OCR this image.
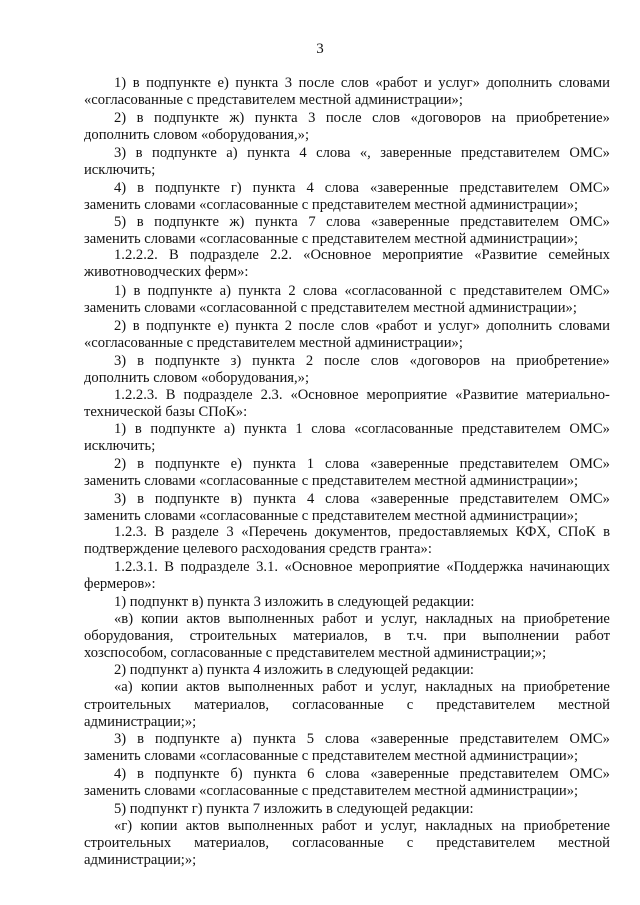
3
1) в подпункте е) пункта 3 после слов «работ и услуг» дополнить словами
«согласованные с представителем местной администрации»;
2) в подпункте ж) пункта 3 после слов «договоров на приобретение»
дополнить словом «оборудования,»;
3) в подпункте а) пункта 4 слова «, заверенные представителем ОМС»
исключить;
4) в подпункте г) пункта 4 слова «заверенные представителем ОМС»
заменить словами «согласованные с представителем местной администрации»;
5) в подпункте ж) пункта 7 слова «заверенные представителем ОМС»
заменить словами «согласованные с представителем местной администрации»;
1.2.2.2. В подразделе 2.2. «Основное мероприятие «Развитие семейных
животноводческих ферм»:
1) в подпункте а) пункта 2 слова «согласованной с представителем ОМС»
заменить словами «согласованной с представителем местной администрации»;
2) в подпункте е) пункта 2 после слов «работ и услуг» дополнить словами
«согласованные с представителем местной администрации»;
3) в подпункте з) пункта 2 после слов «договоров на приобретение»
дополнить словом «оборудования,»;
1.2.2.3. В подразделе 2.3. «Основное мероприятие «Развитие материально-
технической базы СПоК»:
1) в подпункте а) пункта 1 слова «согласованные представителем ОМС»
исключить;
2) в подпункте е) пункта 1 слова «заверенные представителем ОМС»
заменить словами «согласованные с представителем местной администрации»;
3) в подпункте в) пункта 4 слова «заверенные представителем ОМС»
заменить словами «согласованные с представителем местной администрации»;
1.2.3. В разделе 3 «Перечень документов, предоставляемых КФХ, СПоК в
подтверждение целевого расходования средств гранта»:
1.2.3.1. В подразделе 3.1. «Основное мероприятие «Поддержка начинающих
фермеров»:
1) подпункт в) пункта 3 изложить в следующей редакции:
«в) копии актов выполненных работ и услуг, накладных на приобретение
оборудования, строительных материалов, в т.ч. при выполнении работ
хозспособом, согласованные с представителем местной администрации;»;
2) подпункт а) пункта 4 изложить в следующей редакции:
«а) копии актов выполненных работ и услуг, накладных на приобретение
строительных материалов, согласованные с представителем местной
администрации;»;
3) в подпункте а) пункта 5 слова «заверенные представителем ОМС»
заменить словами «согласованные с представителем местной администрации»;
4) в подпункте б) пункта 6 слова «заверенные представителем ОМС»
заменить словами «согласованные с представителем местной администрации»;
5) подпункт г) пункта 7 изложить в следующей редакции:
«г) копии актов выполненных работ и услуг, накладных на приобретение
строительных материалов, согласованные с представителем местной
администрации;»;
